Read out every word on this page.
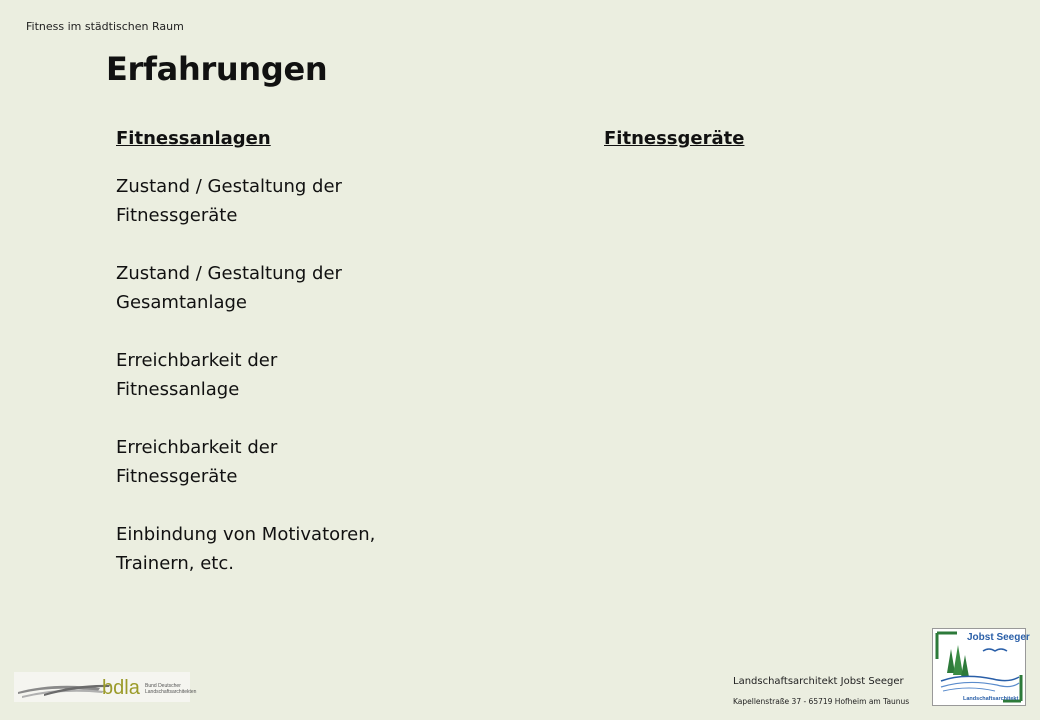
Fitness im städtischen Raum
Erfahrungen
Fitnessanlagen	Fitnessgeräte
Zustand / Gestaltung der
Fitnessgeräte
Zustand / Gestaltung der
Gesamtanlage
Erreichbarkeit der
Fitnessanlage
Erreichbarkeit der
Fitnessgeräte
Einbindung von Motivatoren,
Trainern, etc.
bdla Bund Deutscher
Landschaftsarchitekten
Landschaftsarchitekt Jobst Seeger
Kapellenstraße 37 - 65719 Hofheim am Taunus
Jobst Seeger
Landschaftsarchitekt
